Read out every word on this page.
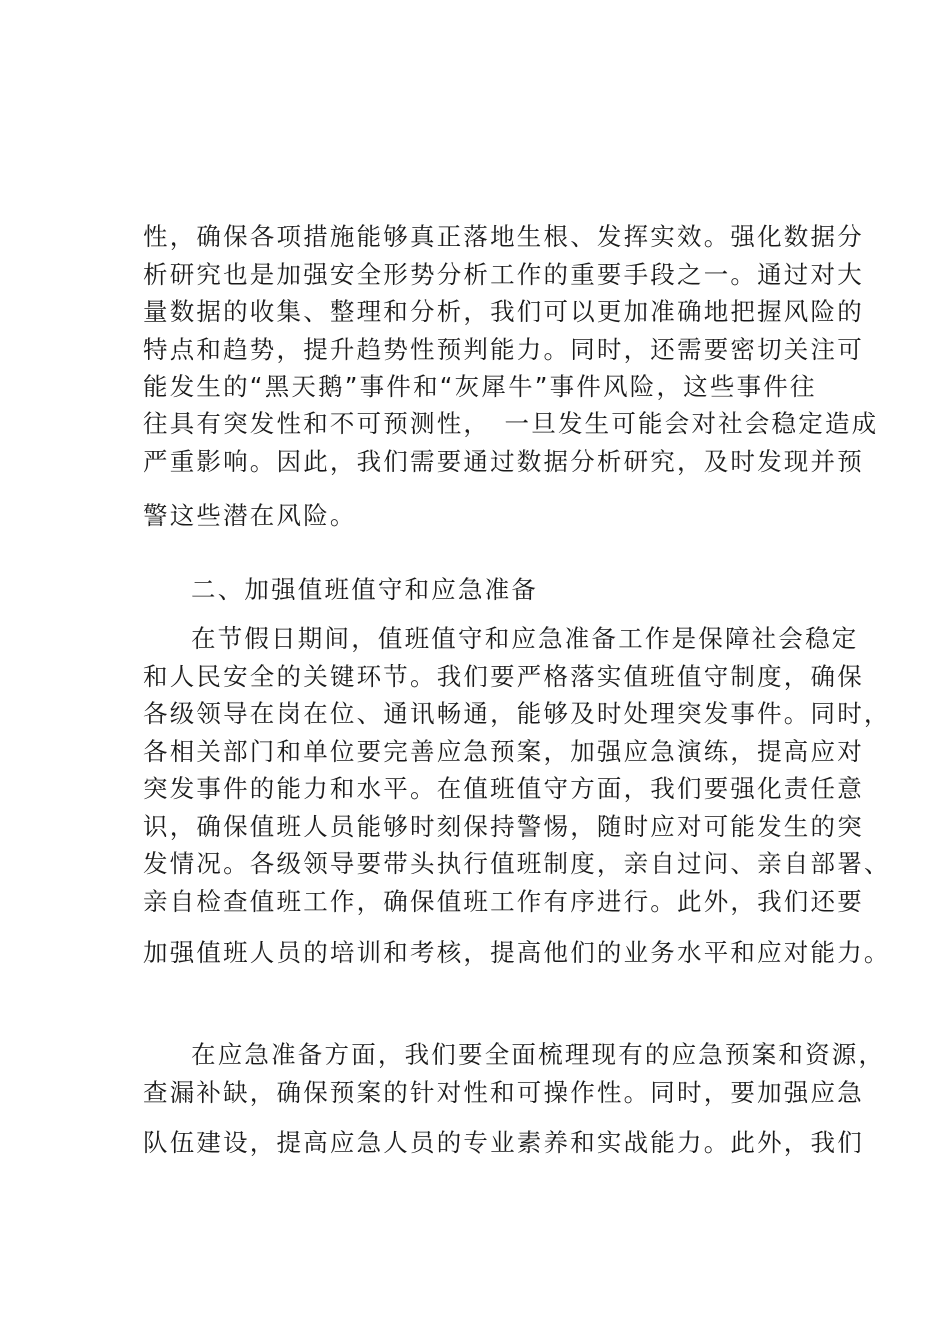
性，确保各项措施能够真正落地生根、发挥实效。强化数据分
析研究也是加强安全形势分析工作的重要手段之一。通过对大
量数据的收集、整理和分析，我们可以更加准确地把握风险的
特点和趋势，提升趋势性预判能力。同时，还需要密切关注可
能发生的“黑天鹅”事件和“灰犀牛”事件风险，这些事件往
往具有突发性和不可预测性，　一旦发生可能会对社会稳定造成
严重影响。因此，我们需要通过数据分析研究，及时发现并预
警这些潜在风险。
二、加强值班值守和应急准备
在节假日期间，值班值守和应急准备工作是保障社会稳定
和人民安全的关键环节。我们要严格落实值班值守制度，确保
各级领导在岗在位、通讯畅通，能够及时处理突发事件。同时，
各相关部门和单位要完善应急预案，加强应急演练，提高应对
突发事件的能力和水平。在值班值守方面，我们要强化责任意
识，确保值班人员能够时刻保持警惕，随时应对可能发生的突
发情况。各级领导要带头执行值班制度，亲自过问、亲自部署、
亲自检查值班工作，确保值班工作有序进行。此外，我们还要
加强值班人员的培训和考核，提高他们的业务水平和应对能力。
在应急准备方面，我们要全面梳理现有的应急预案和资源，
查漏补缺，确保预案的针对性和可操作性。同时，要加强应急
队伍建设，提高应急人员的专业素养和实战能力。此外，我们
